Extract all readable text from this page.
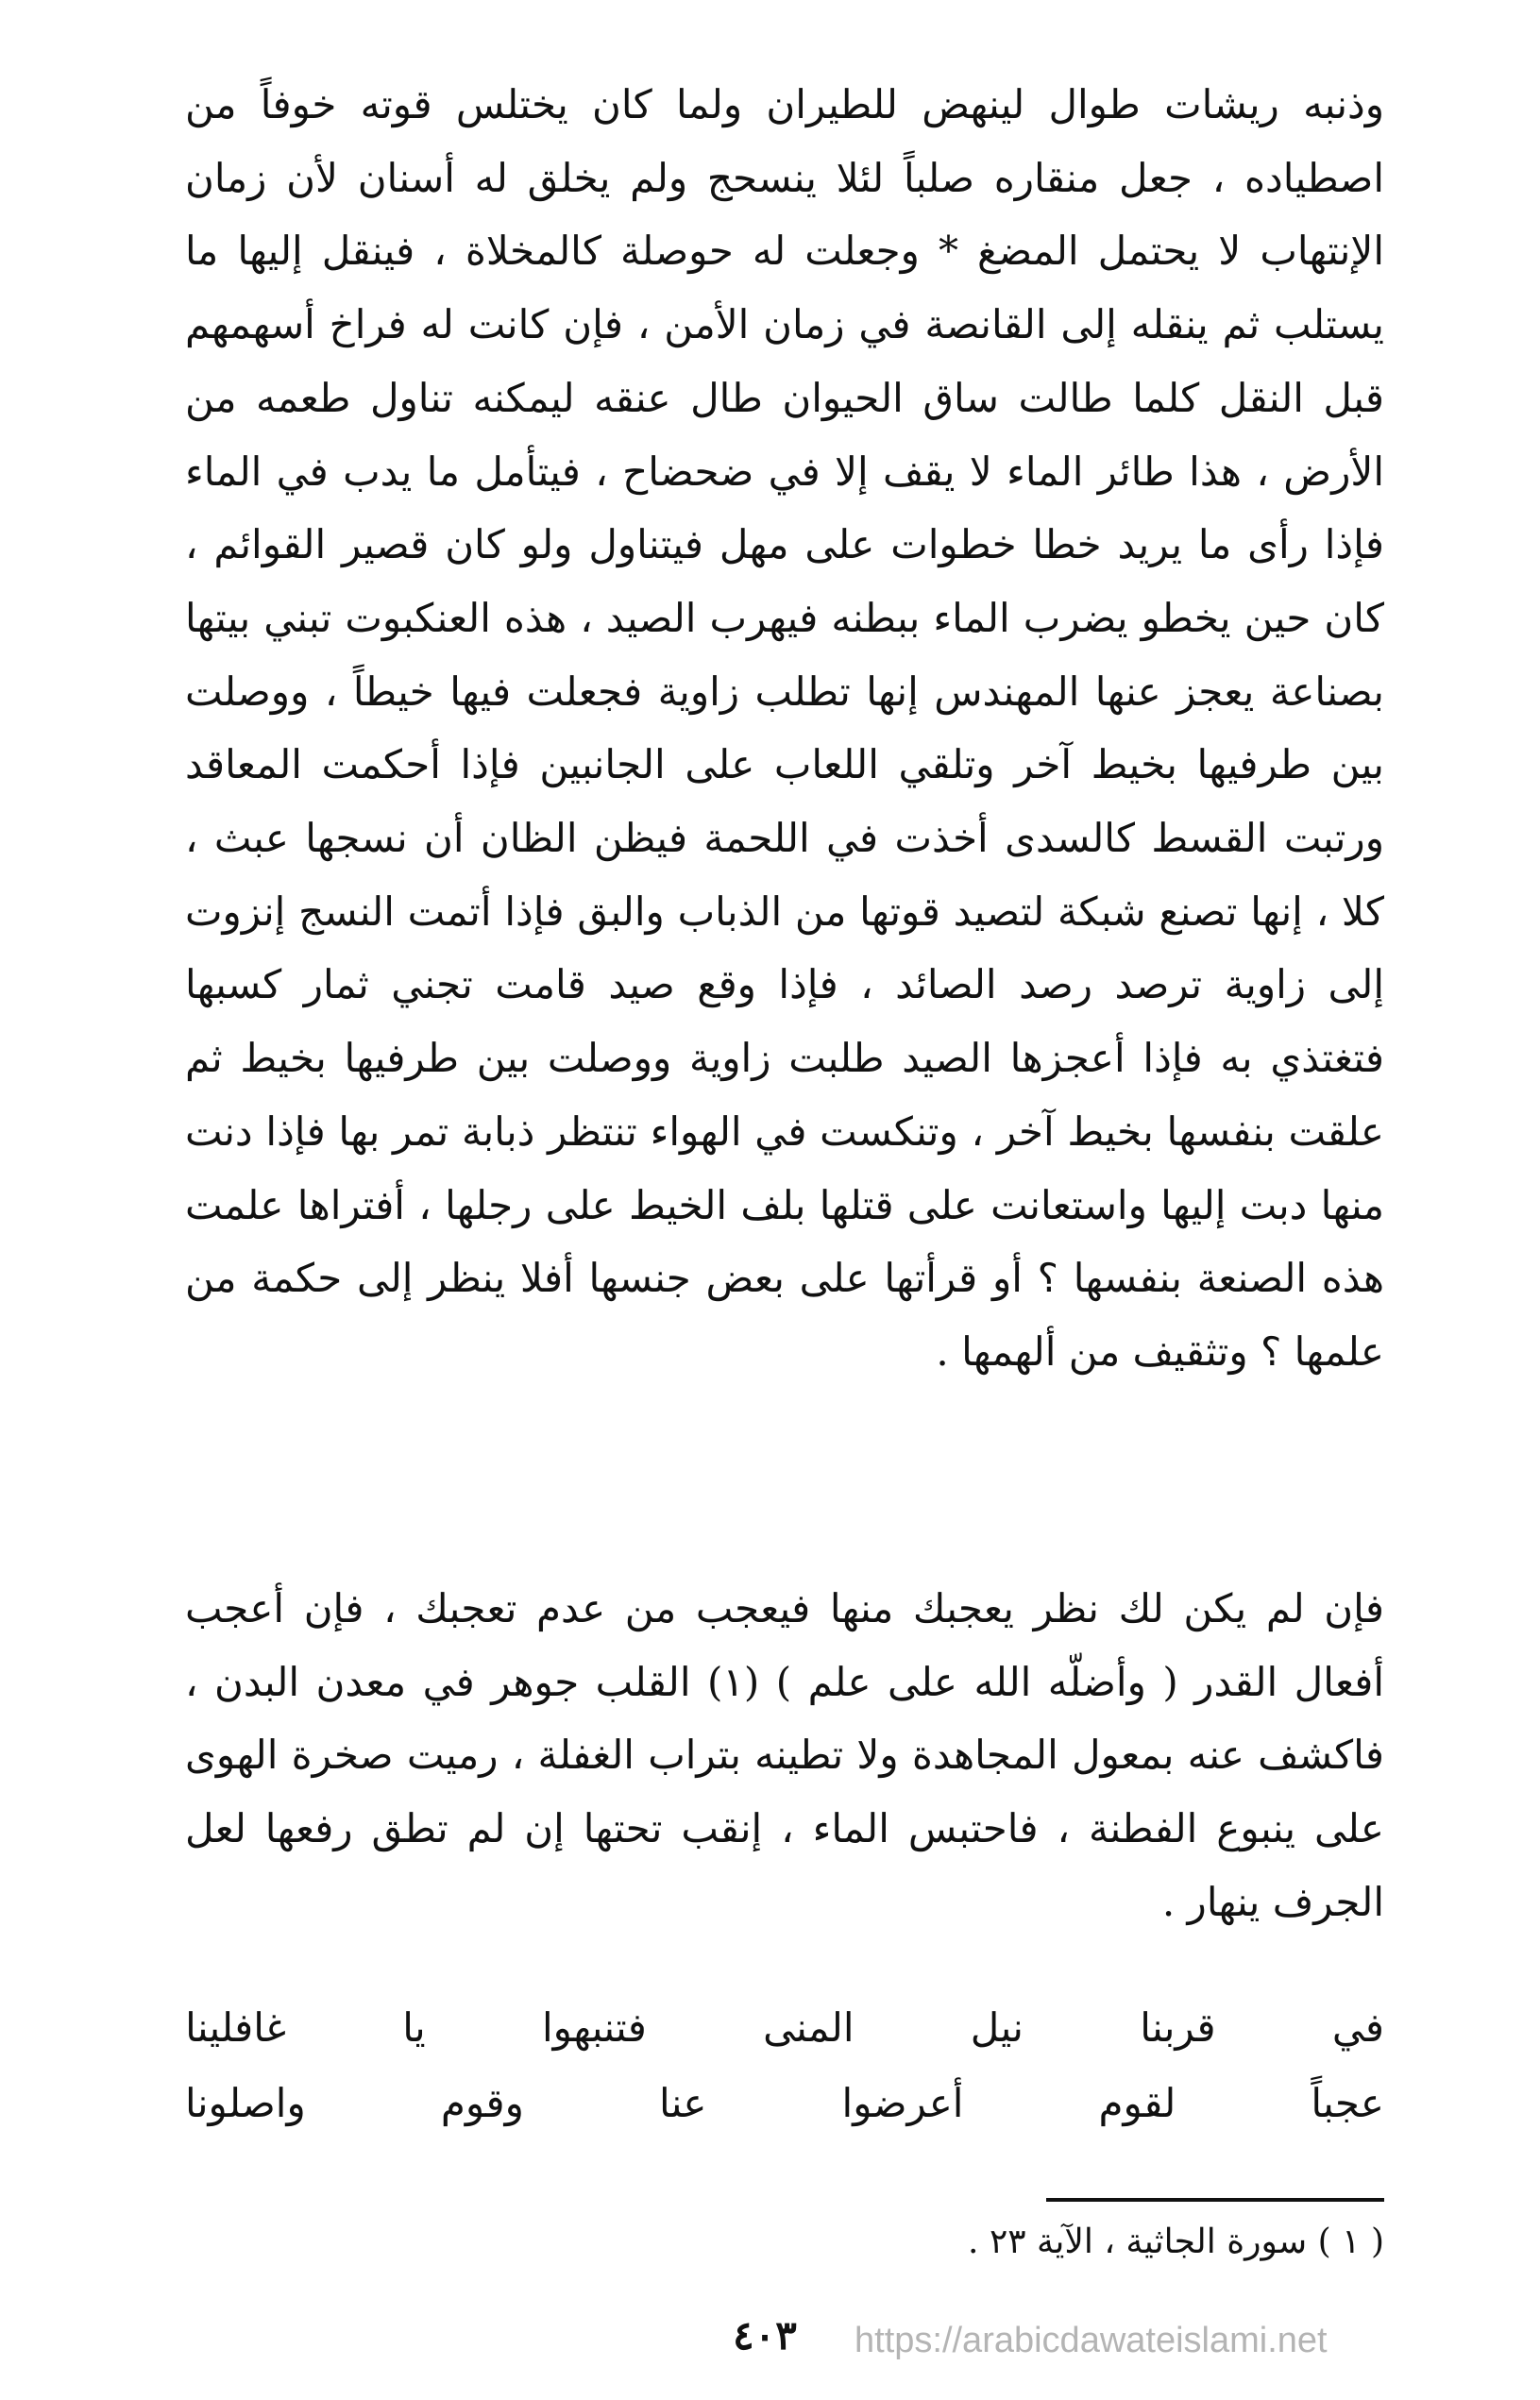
وذنبه ريشات طوال لينهض للطيران ولما كان يختلس قوته خوفاً من اصطياده ، جعل منقاره صلباً لئلا ينسحج ولم يخلق له أسنان لأن زمان الإنتهاب لا يحتمل المضغ * وجعلت له حوصلة كالمخلاة ، فينقل إليها ما يستلب ثم ينقله إلى القانصة في زمان الأمن ، فإن كانت له فراخ أسهمهم قبل النقل كلما طالت ساق الحيوان طال عنقه ليمكنه تناول طعمه من الأرض ، هذا طائر الماء لا يقف إلا في ضحضاح ، فيتأمل ما يدب في الماء فإذا رأى ما يريد خطا خطوات على مهل فيتناول ولو كان قصير القوائم ، كان حين يخطو يضرب الماء ببطنه فيهرب الصيد ، هذه العنكبوت تبني بيتها بصناعة يعجز عنها المهندس إنها تطلب زاوية فجعلت فيها خيطاً ، ووصلت بين طرفيها بخيط آخر وتلقي اللعاب على الجانبين فإذا أحكمت المعاقد ورتبت القسط كالسدى أخذت في اللحمة فيظن الظان أن نسجها عبث ، كلا ، إنها تصنع شبكة لتصيد قوتها من الذباب والبق فإذا أتمت النسج إنزوت إلى زاوية ترصد رصد الصائد ، فإذا وقع صيد قامت تجني ثمار كسبها فتغتذي به فإذا أعجزها الصيد طلبت زاوية ووصلت بين طرفيها بخيط ثم علقت بنفسها بخيط آخر ، وتنكست في الهواء تنتظر ذبابة تمر بها فإذا دنت منها دبت إليها واستعانت على قتلها بلف الخيط على رجلها ، أفتراها علمت هذه الصنعة بنفسها ؟ أو قرأتها على بعض جنسها أفلا ينظر إلى حكمة من علمها ؟ وتثقيف من ألهمها .

فإن لم يكن لك نظر يعجبك منها فيعجب من عدم تعجبك ، فإن أعجب أفعال القدر ( وأضلّه الله على علم ) (١) القلب جوهر في معدن البدن ، فاكشف عنه بمعول المجاهدة ولا تطينه بتراب الغفلة ، رميت صخرة الهوى على ينبوع الفطنة ، فاحتبس الماء ، إنقب تحتها إن لم تطق رفعها لعل الجرف ينهار .

في
قربنا
نيل
المنى
فتنبهوا
يا
غافلينا
عجباً
لقوم
أعرضوا
عنا
وقوم
واصلونا
( ١ ) سورة الجاثية ، الآية ٢٣ .
٤٠٣	https://arabicdawateislami.net
